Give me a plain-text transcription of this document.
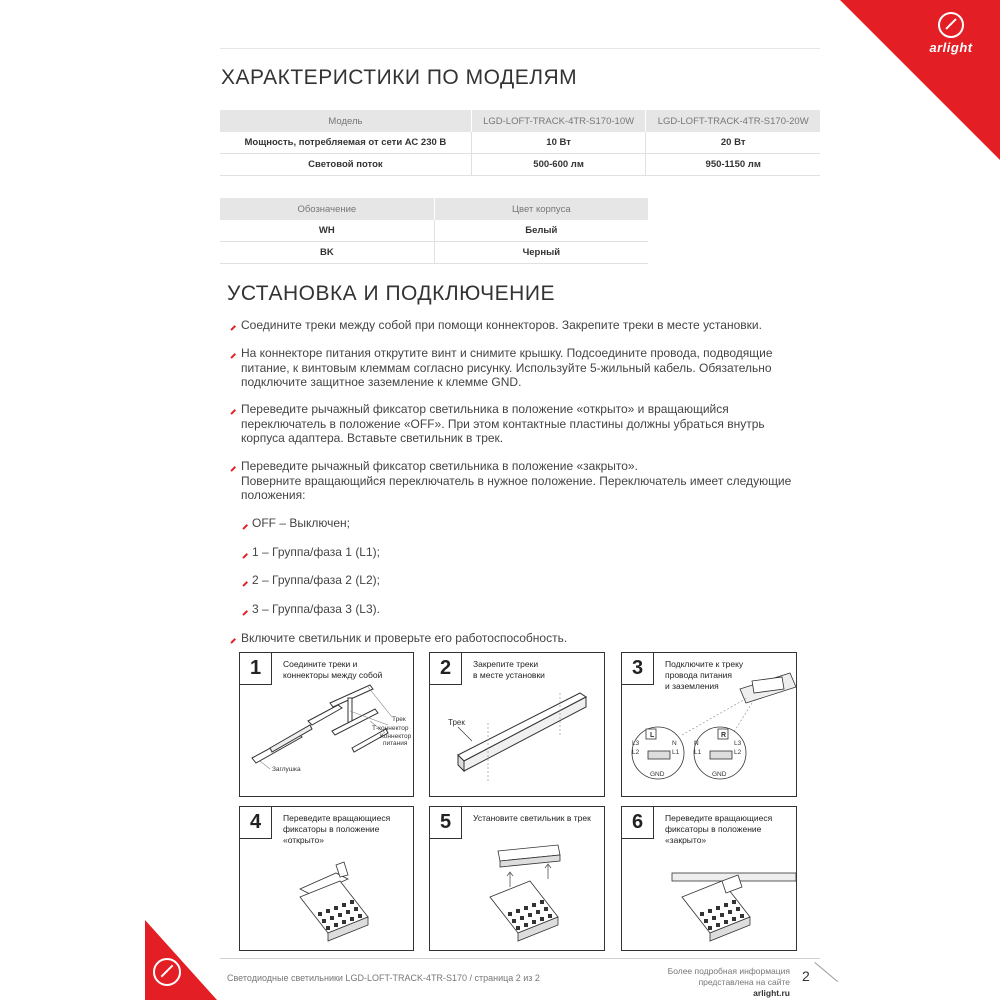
arlight
ХАРАКТЕРИСТИКИ ПО МОДЕЛЯМ
Модель	LGD-LOFT-TRACK-4TR-S170-10W	LGD-LOFT-TRACK-4TR-S170-20W
Мощность, потребляемая от сети АС 230 В	10 Вт	20 Вт
Световой поток	500-600 лм	950-1150 лм
Обозначение	Цвет корпуса
WH	Белый
BK	Черный
УСТАНОВКА И ПОДКЛЮЧЕНИЕ
Соедините треки между собой при помощи коннекторов. Закрепите треки в месте установки.
На коннекторе питания открутите винт и снимите крышку. Подсоедините провода, подводящие
питание, к винтовым клеммам согласно рисунку. Используйте 5-жильный кабель. Обязательно
подключите защитное заземление к клемме GND.
Переведите рычажный фиксатор светильника в положение «открыто» и вращающийся
переключатель в положение «OFF». При этом контактные пластины должны убраться внутрь
корпуса адаптера. Вставьте светильник в трек.
Переведите рычажный фиксатор светильника в положение «закрыто».
Поверните вращающийся переключатель в нужное положение. Переключатель имеет следующие
положения:
OFF – Выключен;
1 – Группа/фаза 1 (L1);
2 – Группа/фаза 2 (L2);
3 – Группа/фаза 3 (L3).
Включите светильник и проверьте его работоспособность.
Трек
Т-коннектор
Коннектор
питания
Заглушка
1	Соедините треки и
коннекторы между собой
Трек
2	Закрепите треки
в месте установки
L	R
L3
L2
N
L1
N
L1
L3
L2
GND	GND
3	Подключите к треку
провода питания
и заземления
4	Переведите вращающиеся
фиксаторы в положение
«открыто»
5	Установите светильник в трек	6	Переведите вращающиеся
фиксаторы в положение
«закрыто»
Светодиодные светильники LGD-LOFT-TRACK-4TR-S170 / страница 2 из 2
Более подробная информация
представлена на сайте arlight.ru
2
